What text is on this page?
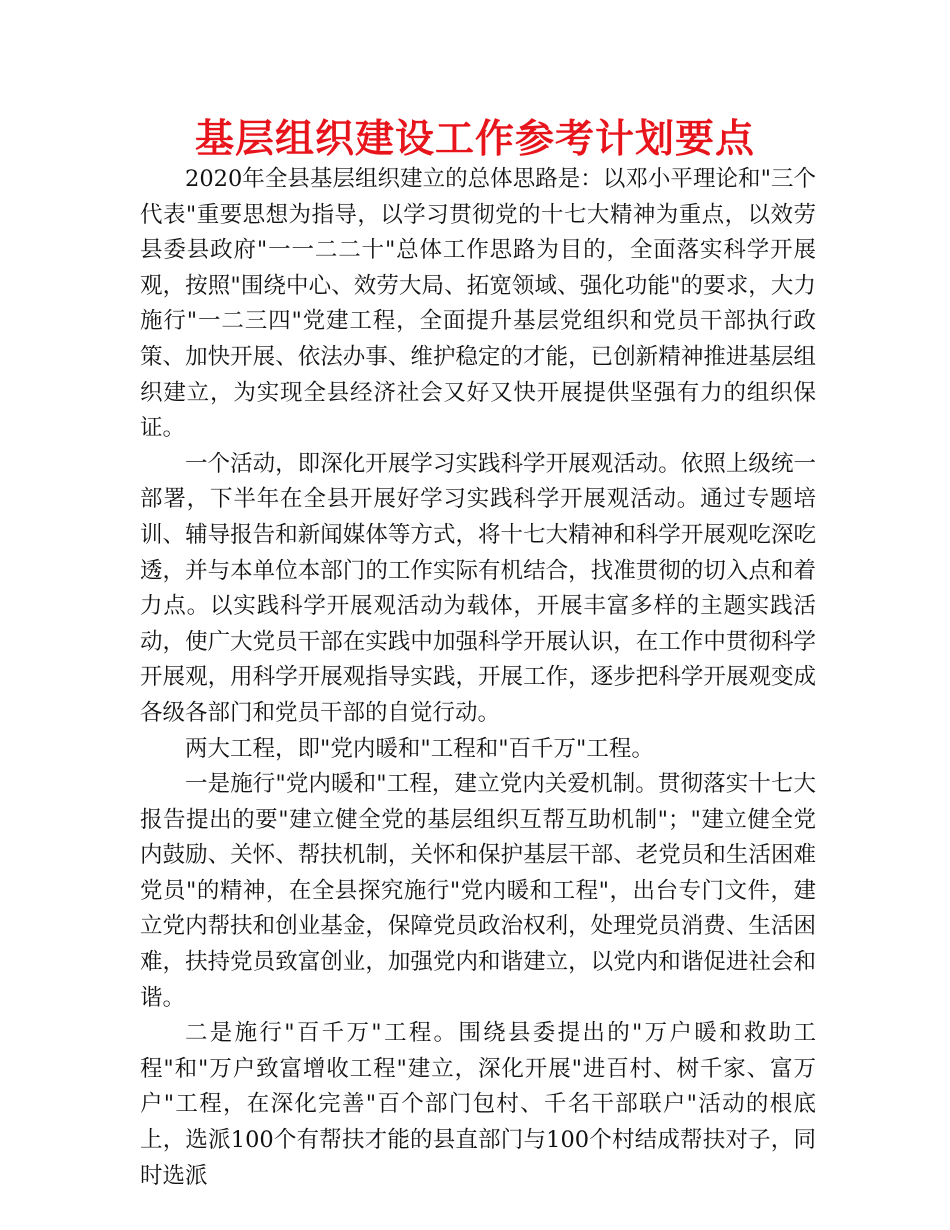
基层组织建设工作参考计划要点

2020年全县基层组织建立的总体思路是：以邓小平理论和"三个代表"重要思想为指导，以学习贯彻党的十七大精神为重点，以效劳县委县政府"一一二二十"总体工作思路为目的，全面落实科学开展观，按照"围绕中心、效劳大局、拓宽领域、强化功能"的要求，大力施行"一二三四"党建工程，全面提升基层党组织和党员干部执行政策、加快开展、依法办事、维护稳定的才能，已创新精神推进基层组织建立，为实现全县经济社会又好又快开展提供坚强有力的组织保证。

一个活动，即深化开展学习实践科学开展观活动。依照上级统一部署，下半年在全县开展好学习实践科学开展观活动。通过专题培训、辅导报告和新闻媒体等方式，将十七大精神和科学开展观吃深吃透，并与本单位本部门的工作实际有机结合，找准贯彻的切入点和着力点。以实践科学开展观活动为载体，开展丰富多样的主题实践活动，使广大党员干部在实践中加强科学开展认识，在工作中贯彻科学开展观，用科学开展观指导实践，开展工作，逐步把科学开展观变成各级各部门和党员干部的自觉行动。

两大工程，即"党内暖和"工程和"百千万"工程。

一是施行"党内暖和"工程，建立党内关爱机制。贯彻落实十七大报告提出的要"建立健全党的基层组织互帮互助机制"；"建立健全党内鼓励、关怀、帮扶机制，关怀和保护基层干部、老党员和生活困难党员"的精神，在全县探究施行"党内暖和工程"，出台专门文件，建立党内帮扶和创业基金，保障党员政治权利，处理党员消费、生活困难，扶持党员致富创业，加强党内和谐建立，以党内和谐促进社会和谐。

二是施行"百千万"工程。围绕县委提出的"万户暖和救助工程"和"万户致富增收工程"建立，深化开展"进百村、树千家、富万户"工程，在深化完善"百个部门包村、千名干部联户"活动的根底上，选派100个有帮扶才能的县直部门与100个村结成帮扶对子，同时选派
